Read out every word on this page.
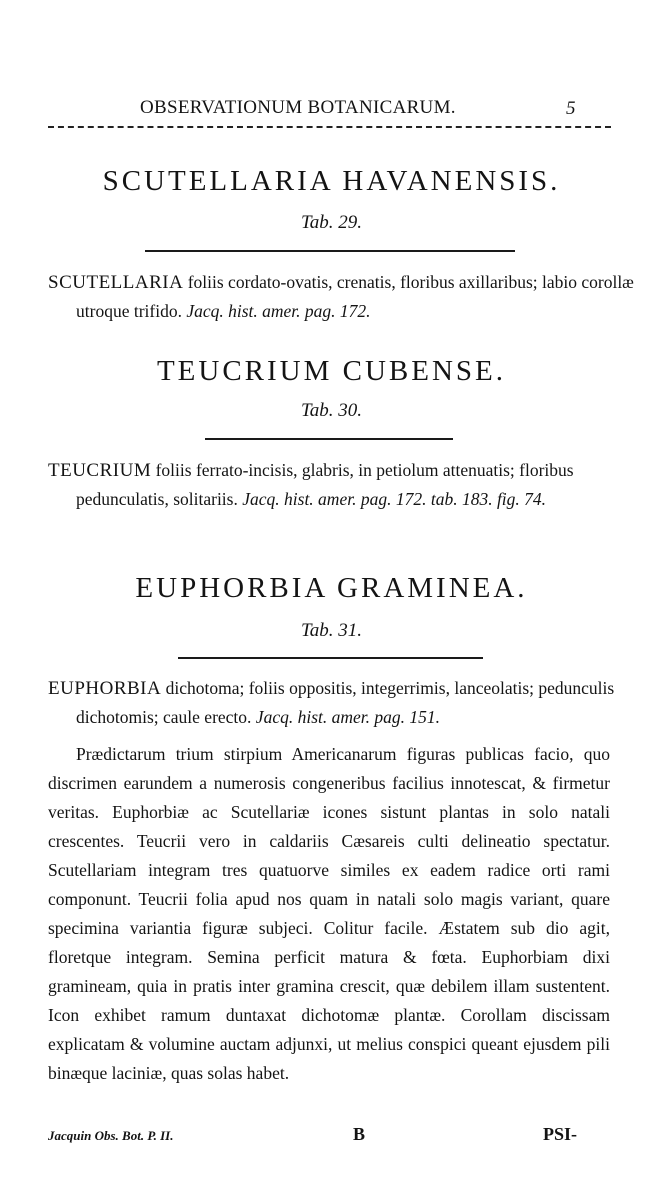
OBSERVATIONUM BOTANICARUM.	5
SCUTELLARIA HAVANENSIS.
Tab. 29.
SCUTELLARIA foliis cordato-ovatis, crenatis, floribus axillaribus; labio corollæ utroque trifido. Jacq. hist. amer. pag. 172.
TEUCRIUM CUBENSE.
Tab. 30.
TEUCRIUM foliis ferrato-incisis, glabris, in petiolum attenuatis; floribus pedunculatis, solitariis. Jacq. hist. amer. pag. 172. tab. 183. fig. 74.
EUPHORBIA GRAMINEA.
Tab. 31.
EUPHORBIA dichotoma; foliis oppositis, integerrimis, lanceolatis; pedunculis dichotomis; caule erecto. Jacq. hist. amer. pag. 151.
Prædictarum trium stirpium Americanarum figuras publicas facio, quo discrimen earundem a numerosis congeneribus facilius innotescat, & firmetur veritas. Euphorbiæ ac Scutellariæ icones sistunt plantas in solo natali crescentes. Teucrii vero in caldariis Cæsareis culti delineatio spectatur. Scutellariam integram tres quatuorve similes ex eadem radice orti rami componunt. Teucrii folia apud nos quam in natali solo magis variant, quare specimina variantia figuræ subjeci. Colitur facile. Æstatem sub dio agit, floretque integram. Semina perficit matura & fœta. Euphorbiam dixi gramineam, quia in pratis inter gramina crescit, quæ debilem illam sustentent. Icon exhibet ramum duntaxat dichotomæ plantæ. Corollam discissam explicatam & volumine auctam adjunxi, ut melius conspici queant ejusdem pili binæque laciniæ, quas solas habet.
Jacquin Obs. Bot. P. II.	B	PSI-
